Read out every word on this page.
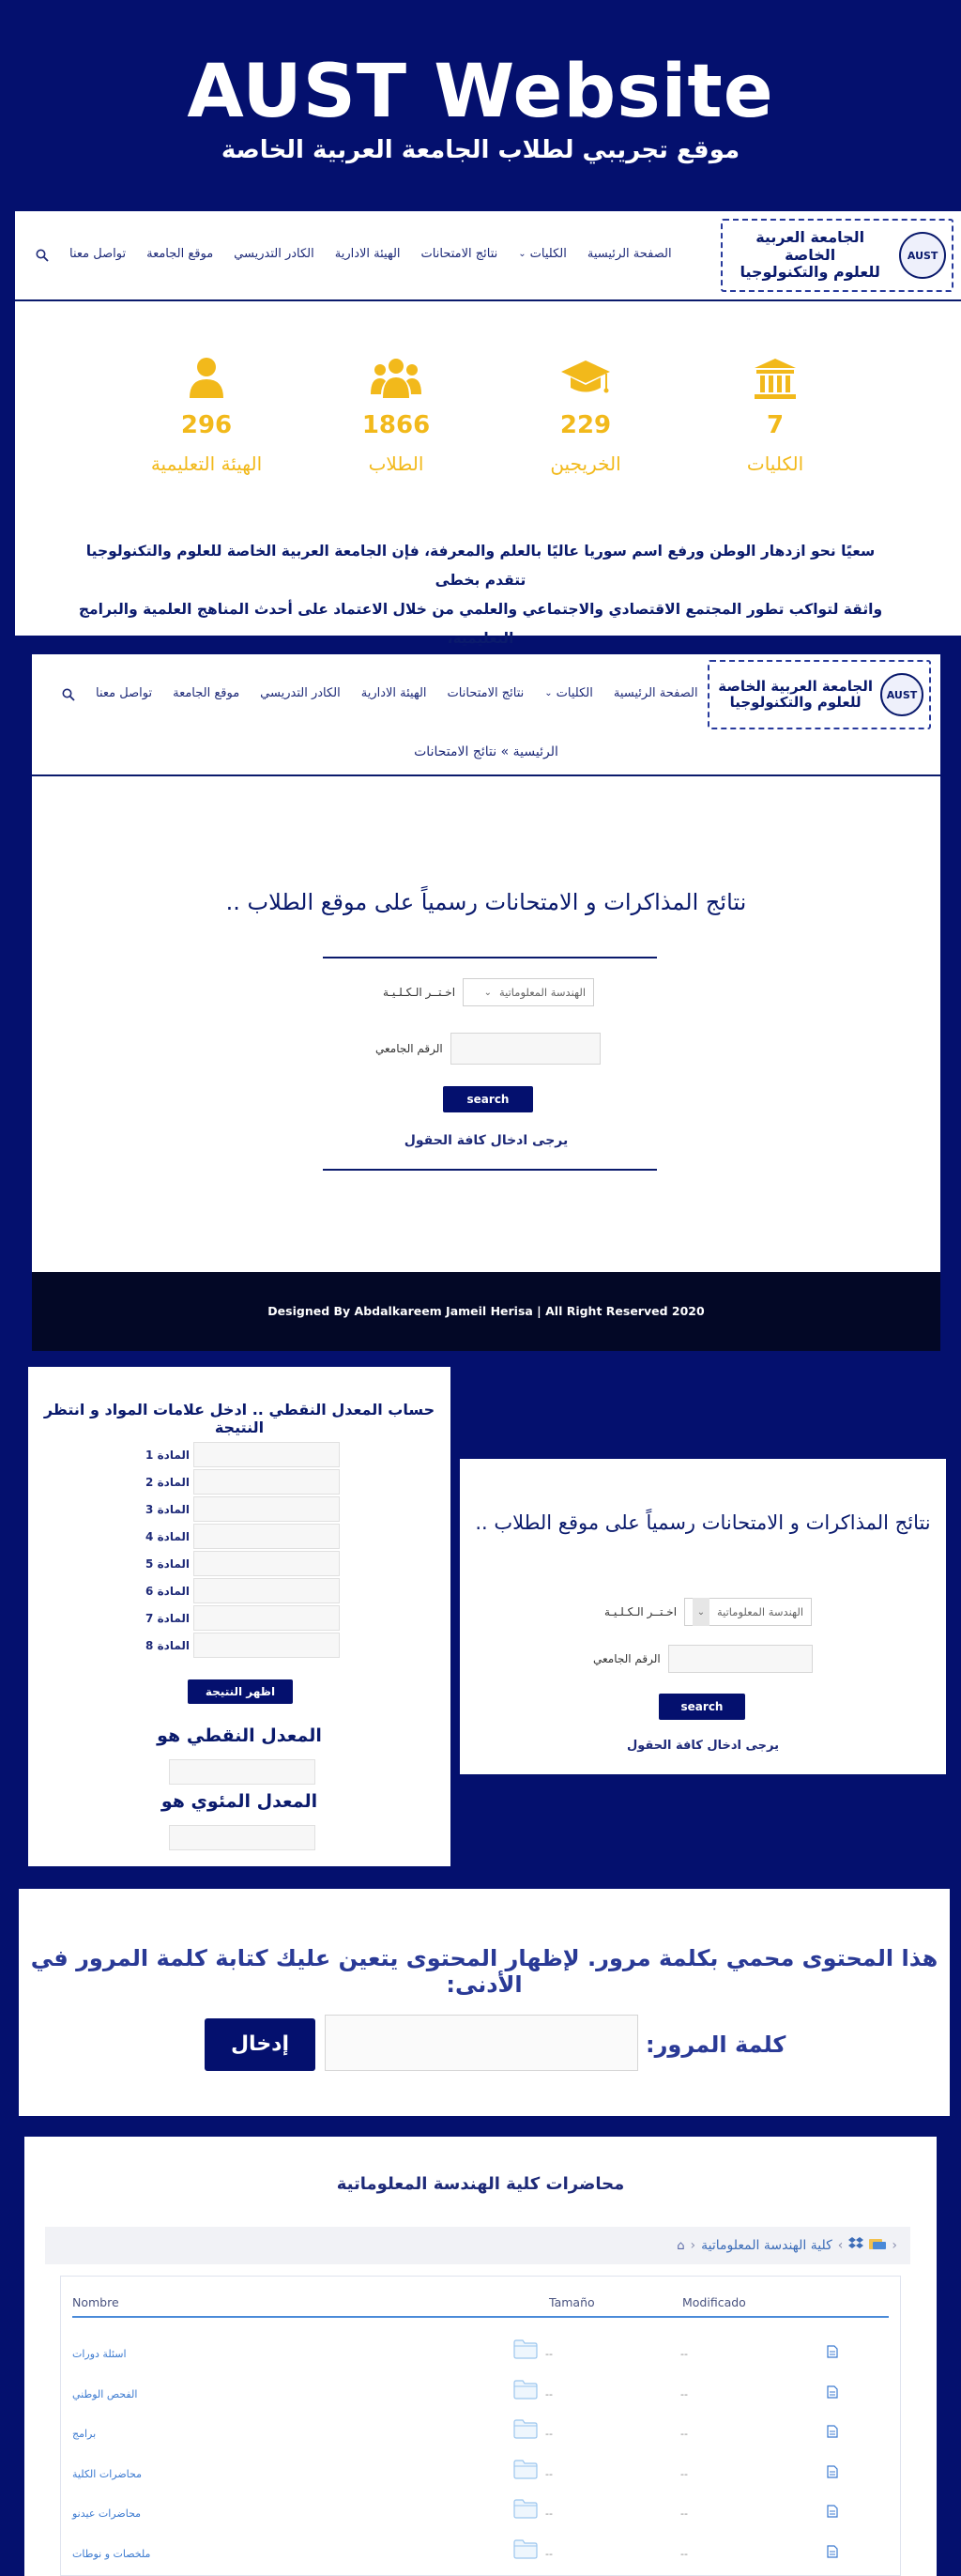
AUST Website
موقع تجريبي لطلاب الجامعة العربية الخاصة
الجامعة العربية الخاصة
للعلوم والتكنولوجيا
AUST
تواصل معنا موقع الجامعة الكادر التدريسي الهيئة الادارية نتائج الامتحانات	الكليات
⌄	الصفحة الرئيسية
7
الكليات
229
الخريجين
1866
الطلاب
296
الهيئة التعليمية
سعيًا نحو ازدهار الوطن ورفع اسم سوريا عاليًا بالعلم والمعرفة، فإن الجامعة العربية الخاصة للعلوم والتكنولوجيا تتقدم بخطى
واثقة لتواكب تطور المجتمع الاقتصادي والاجتماعي والعلمي من خلال الاعتماد على أحدث المناهج العلمية والبرامج التعليمية،
الجامعة العربية الخاصة
للعلوم والتكنولوجيا	AUST
تواصل معنا موقع الجامعة الكادر التدريسي الهيئة الادارية نتائج الامتحانات	الكليات
⌄	الصفحة الرئيسية
الرئيسية » نتائج الامتحانات
نتائج المذاكرات و الامتحانات رسمياً على موقع الطلاب ..
اخـتــر الـكـلـيـة	الهندسة المعلوماتية
⌄
الرقم الجامعي
search
يرجى ادخال كافة الحقول
Designed By Abdalkareem Jameil Herisa | All Right Reserved 2020
حساب المعدل النقطي .. ادخل علامات المواد و انتظر النتيجة
المادة 1
المادة 2
المادة 3
المادة 4
المادة 5
المادة 6
المادة 7
المادة 8
اظهر النتيجة
المعدل النقطي هو
المعدل المئوي هو
نتائج المذاكرات و الامتحانات رسمياً على موقع الطلاب ..
اخـتــر الـكـلـيـة	⌄	الهندسة المعلوماتية
الرقم الجامعي
search
يرجى ادخال كافة الحقول
هذا المحتوى محمي بكلمة مرور. لإظهار المحتوى يتعين عليك كتابة كلمة المرور في الأدنى:
كلمة المرور:
إدخال
محاضرات كلية الهندسة المعلوماتية
⌂ › كلية الهندسة المعلوماتية ‹	›
Nombre	Tamaño	Modificado
اسئلة دورات	--	--
الفحص الوطني	--	--
برامج	--	--
محاضرات الكلية	--	--
محاضرات عيدنو	--	--
ملخصات و نوطات	--	--
